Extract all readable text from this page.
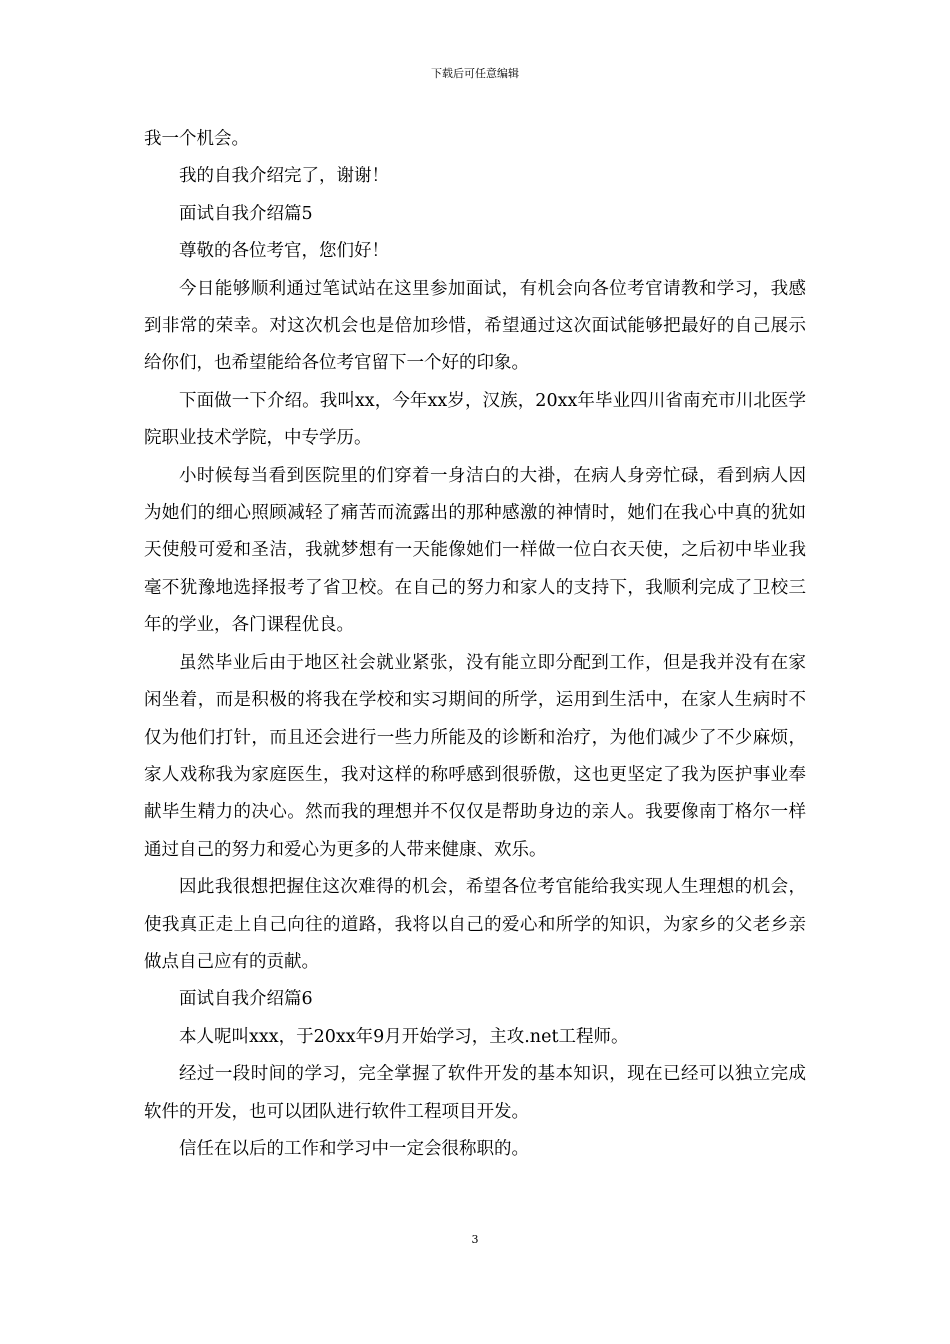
下载后可任意编辑

我一个机会。

我的自我介绍完了，谢谢！

面试自我介绍篇5

尊敬的各位考官，您们好！

今日能够顺利通过笔试站在这里参加面试，有机会向各位考官请教和学习，我感到非常的荣幸。对这次机会也是倍加珍惜，希望通过这次面试能够把最好的自己展示给你们，也希望能给各位考官留下一个好的印象。

下面做一下介绍。我叫xx，今年xx岁，汉族，20xx年毕业四川省南充市川北医学院职业技术学院，中专学历。

小时候每当看到医院里的们穿着一身洁白的大褂，在病人身旁忙碌，看到病人因为她们的细心照顾减轻了痛苦而流露出的那种感激的神情时，她们在我心中真的犹如天使般可爱和圣洁，我就梦想有一天能像她们一样做一位白衣天使，之后初中毕业我毫不犹豫地选择报考了省卫校。在自己的努力和家人的支持下，我顺利完成了卫校三年的学业，各门课程优良。

虽然毕业后由于地区社会就业紧张，没有能立即分配到工作，但是我并没有在家闲坐着，而是积极的将我在学校和实习期间的所学，运用到生活中，在家人生病时不仅为他们打针，而且还会进行一些力所能及的诊断和治疗，为他们减少了不少麻烦，家人戏称我为家庭医生，我对这样的称呼感到很骄傲，这也更坚定了我为医护事业奉献毕生精力的决心。然而我的理想并不仅仅是帮助身边的亲人。我要像南丁格尔一样通过自己的努力和爱心为更多的人带来健康、欢乐。

因此我很想把握住这次难得的机会，希望各位考官能给我实现人生理想的机会，使我真正走上自己向往的道路，我将以自己的爱心和所学的知识，为家乡的父老乡亲做点自己应有的贡献。

面试自我介绍篇6

本人呢叫xxx，于20xx年9月开始学习，主攻.net工程师。

经过一段时间的学习，完全掌握了软件开发的基本知识，现在已经可以独立完成软件的开发，也可以团队进行软件工程项目开发。

信任在以后的工作和学习中一定会很称职的。

3
